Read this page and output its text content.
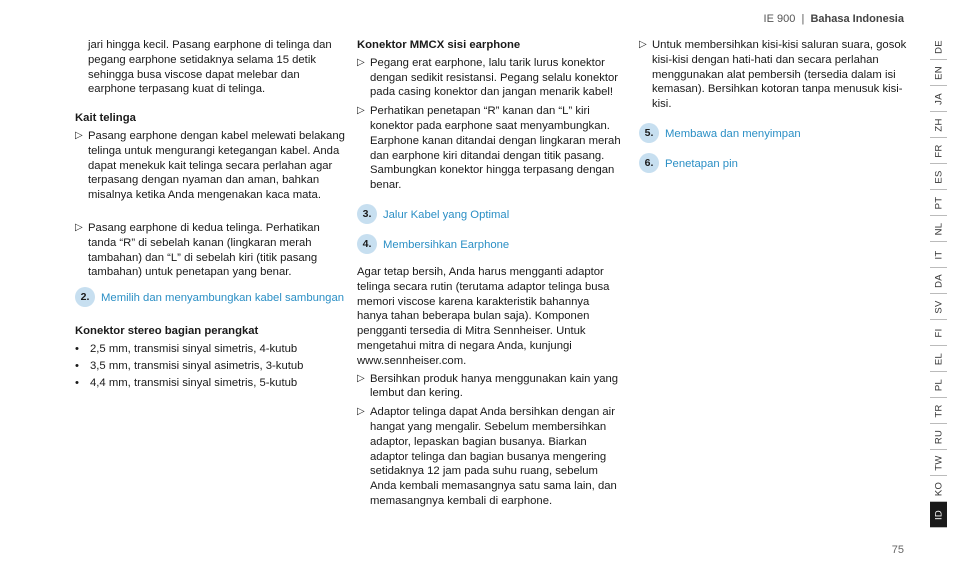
IE 900 | Bahasa Indonesia

jari hingga kecil. Pasang earphone di telinga dan pegang earphone setidaknya selama 15 detik sehingga busa viscose dapat melebar dan earphone terpasang kuat di telinga.

Kait telinga

▷ Pasang earphone dengan kabel melewati belakang telinga untuk mengurangi ketegangan kabel. Anda dapat menekuk kait telinga secara perlahan agar terpasang dengan nyaman dan aman, bahkan misalnya ketika Anda mengenakan kaca mata.
▷ Pasang earphone di kedua telinga. Perhatikan tanda “R” di sebelah kanan (lingkaran merah tambahan) dan “L” di sebelah kiri (titik pasang tambahan) untuk penetapan yang benar.
2.	Memilih dan menyambungkan kabel sambungan

Konektor stereo bagian perangkat

• 2,5 mm, transmisi sinyal simetris, 4-kutub
• 3,5 mm, transmisi sinyal asimetris, 3-kutub
• 4,4 mm, transmisi sinyal simetris, 5-kutub

Konektor MMCX sisi earphone

▷ Pegang erat earphone, lalu tarik lurus konektor dengan sedikit resistansi. Pegang selalu konektor pada casing konektor dan jangan menarik kabel!
▷ Perhatikan penetapan “R” kanan dan “L” kiri konektor pada earphone saat menyambungkan. Earphone kanan ditandai dengan lingkaran merah dan earphone kiri ditandai dengan titik pasang. Sambungkan konektor hingga terpasang dengan benar.
3.	Jalur Kabel yang Optimal
4.	Membersihkan Earphone

Agar tetap bersih, Anda harus mengganti adaptor telinga secara rutin (terutama adaptor telinga busa memori viscose karena karakteristik bahannya hanya tahan beberapa bulan saja). Komponen pengganti tersedia di Mitra Sennheiser. Untuk mengetahui mitra di negara Anda, kunjungi www.sennheiser.com.

▷ Bersihkan produk hanya menggunakan kain yang lembut dan kering.
▷ Adaptor telinga dapat Anda bersihkan dengan air hangat yang mengalir. Sebelum membersihkan adaptor, lepaskan bagian busanya. Biarkan adaptor telinga dan bagian busanya mengering setidaknya 12 jam pada suhu ruang, sebelum Anda kembali memasangnya satu sama lain, dan memasangnya kembali di earphone.
▷ Untuk membersihkan kisi-kisi saluran suara, gosok kisi-kisi dengan hati-hati dan secara perlahan menggunakan alat pembersih (tersedia dalam isi kemasan). Bersihkan kotoran tanpa menusuk kisi-kisi.
5.	Membawa dan menyimpan
6.	Penetapan pin
DE
EN
JA
ZH
FR
ES
PT
NL
IT
DA
SV
FI
EL
PL
TR
RU
TW
KO
ID
75
